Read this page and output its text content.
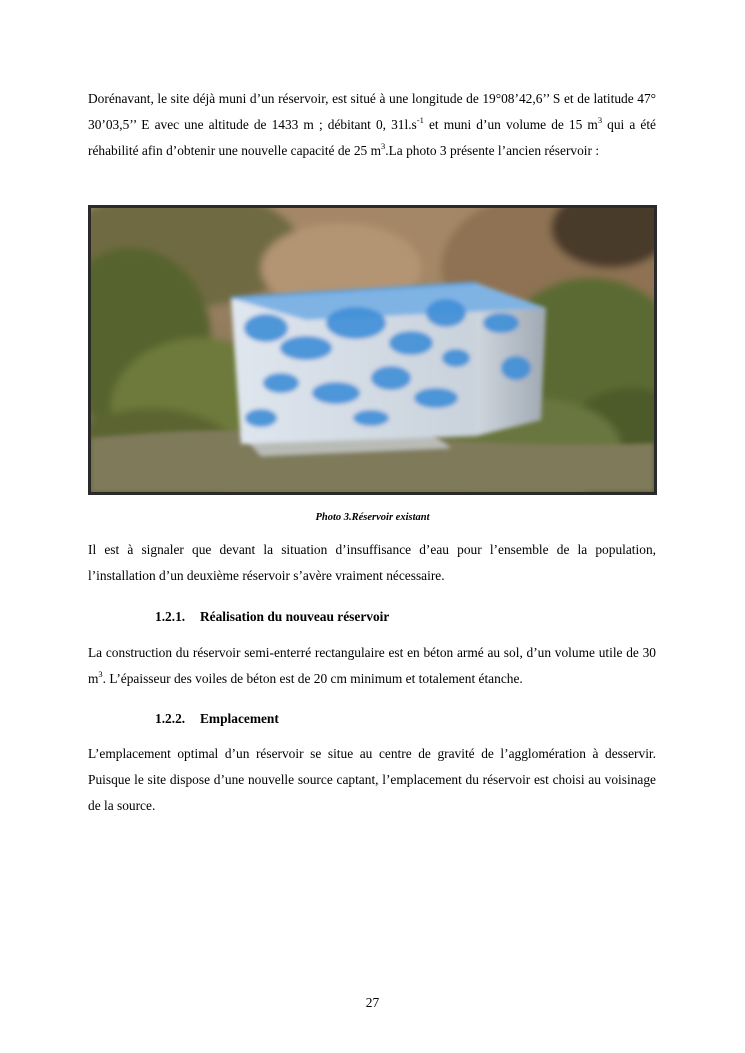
Dorénavant, le site déjà muni d’un réservoir, est situé à une longitude de 19°08’42,6’’ S et de latitude 47° 30’03,5’’ E avec une altitude de 1433 m ; débitant 0, $31l.s^{-1}$ et muni d’un volume de 15 $m^3$ qui a été réhabilité afin d’obtenir une nouvelle capacité de 25 $m^3.La$ photo 3 présente l’ancien réservoir :

Photo 3.Réservoir existant

Il est à signaler que devant la situation d’insuffisance d’eau pour l’ensemble de la population, l’installation d’un deuxième réservoir s’avère vraiment nécessaire.

1.2.1. Réalisation du nouveau réservoir

La construction du réservoir semi-enterré rectangulaire est en béton armé au sol, d’un volume utile de 30 $m^3$. L’épaisseur des voiles de béton est de 20 cm minimum et totalement étanche.

1.2.2. Emplacement

L’emplacement optimal d’un réservoir se situe au centre de gravité de l’agglomération à desservir. Puisque le site dispose d’une nouvelle source captant, l’emplacement du réservoir est choisi au voisinage de la source.

27
